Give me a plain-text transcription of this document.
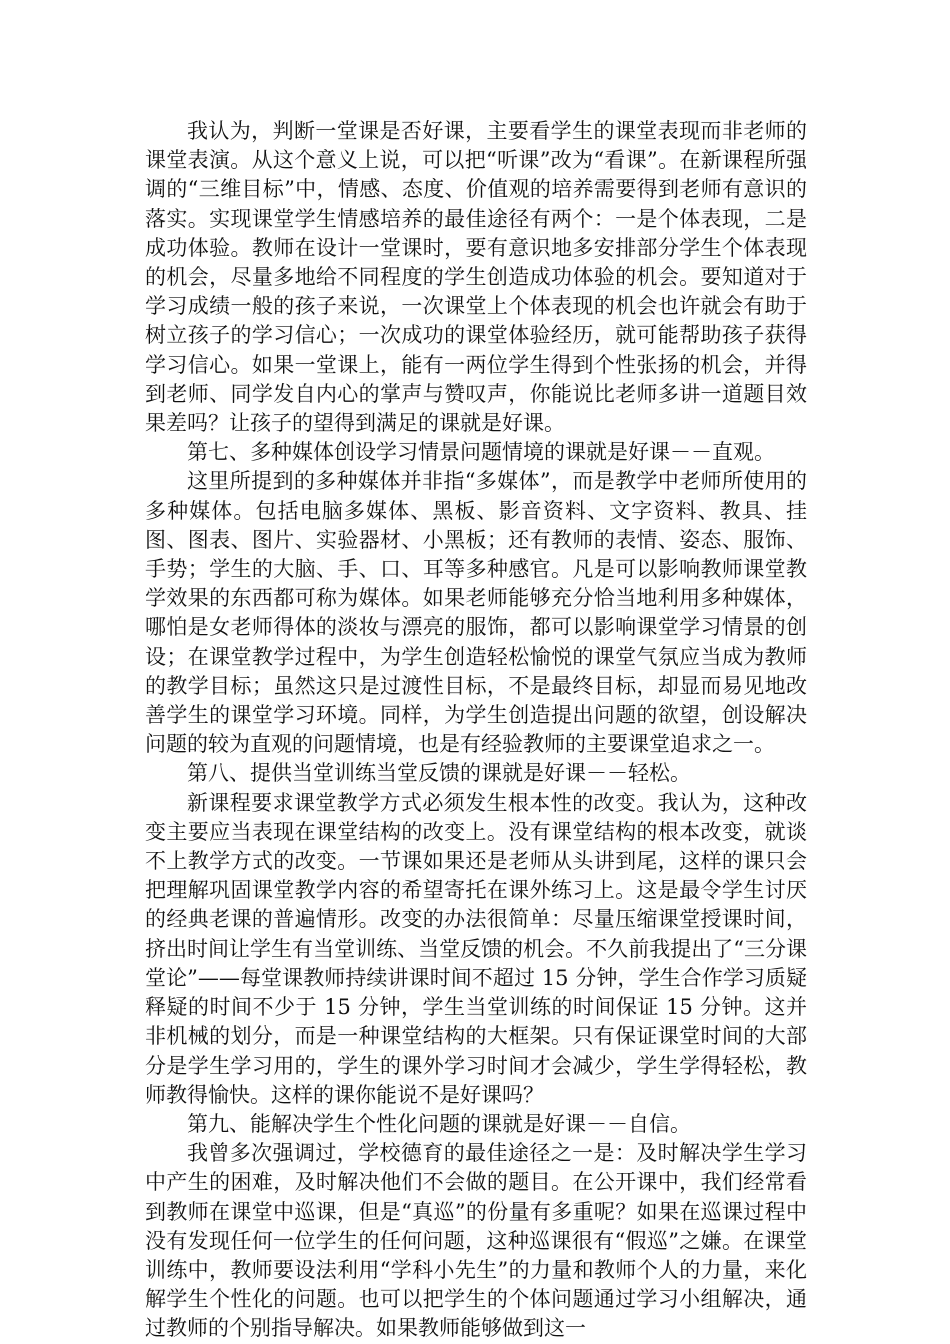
我认为，判断一堂课是否好课，主要看学生的课堂表现而非老师的课堂表演。从这个意义上说，可以把“听课”改为“看课”。在新课程所强调的“三维目标”中，情感、态度、价值观的培养需要得到老师有意识的落实。实现课堂学生情感培养的最佳途径有两个：一是个体表现，二是成功体验。教师在设计一堂课时，要有意识地多安排部分学生个体表现的机会，尽量多地给不同程度的学生创造成功体验的机会。要知道对于学习成绩一般的孩子来说，一次课堂上个体表现的机会也许就会有助于树立孩子的学习信心；一次成功的课堂体验经历，就可能帮助孩子获得学习信心。如果一堂课上，能有一两位学生得到个性张扬的机会，并得到老师、同学发自内心的掌声与赞叹声，你能说比老师多讲一道题目效果差吗？让孩子的望得到满足的课就是好课。

第七、多种媒体创设学习情景问题情境的课就是好课－－直观。

这里所提到的多种媒体并非指“多媒体”，而是教学中老师所使用的多种媒体。包括电脑多媒体、黑板、影音资料、文字资料、教具、挂图、图表、图片、实验器材、小黑板；还有教师的表情、姿态、服饰、手势；学生的大脑、手、口、耳等多种感官。凡是可以影响教师课堂教学效果的东西都可称为媒体。如果老师能够充分恰当地利用多种媒体，哪怕是女老师得体的淡妆与漂亮的服饰，都可以影响课堂学习情景的创设；在课堂教学过程中，为学生创造轻松愉悦的课堂气氛应当成为教师的教学目标；虽然这只是过渡性目标，不是最终目标，却显而易见地改善学生的课堂学习环境。同样，为学生创造提出问题的欲望，创设解决问题的较为直观的问题情境，也是有经验教师的主要课堂追求之一。

第八、提供当堂训练当堂反馈的课就是好课－－轻松。

新课程要求课堂教学方式必须发生根本性的改变。我认为，这种改变主要应当表现在课堂结构的改变上。没有课堂结构的根本改变，就谈不上教学方式的改变。一节课如果还是老师从头讲到尾，这样的课只会把理解巩固课堂教学内容的希望寄托在课外练习上。这是最令学生讨厌的经典老课的普遍情形。改变的办法很简单：尽量压缩课堂授课时间，挤出时间让学生有当堂训练、当堂反馈的机会。不久前我提出了“三分课堂论”——每堂课教师持续讲课时间不超过 15 分钟，学生合作学习质疑释疑的时间不少于 15 分钟，学生当堂训练的时间保证 15 分钟。这并非机械的划分，而是一种课堂结构的大框架。只有保证课堂时间的大部分是学生学习用的，学生的课外学习时间才会减少，学生学得轻松，教师教得愉快。这样的课你能说不是好课吗？

第九、能解决学生个性化问题的课就是好课－－自信。

我曾多次强调过，学校德育的最佳途径之一是：及时解决学生学习中产生的困难，及时解决他们不会做的题目。在公开课中，我们经常看到教师在课堂中巡课，但是“真巡”的份量有多重呢？如果在巡课过程中没有发现任何一位学生的任何问题，这种巡课很有“假巡”之嫌。在课堂训练中，教师要设法利用“学科小先生”的力量和教师个人的力量，来化解学生个性化的问题。也可以把学生的个体问题通过学习小组解决，通过教师的个别指导解决。如果教师能够做到这一
